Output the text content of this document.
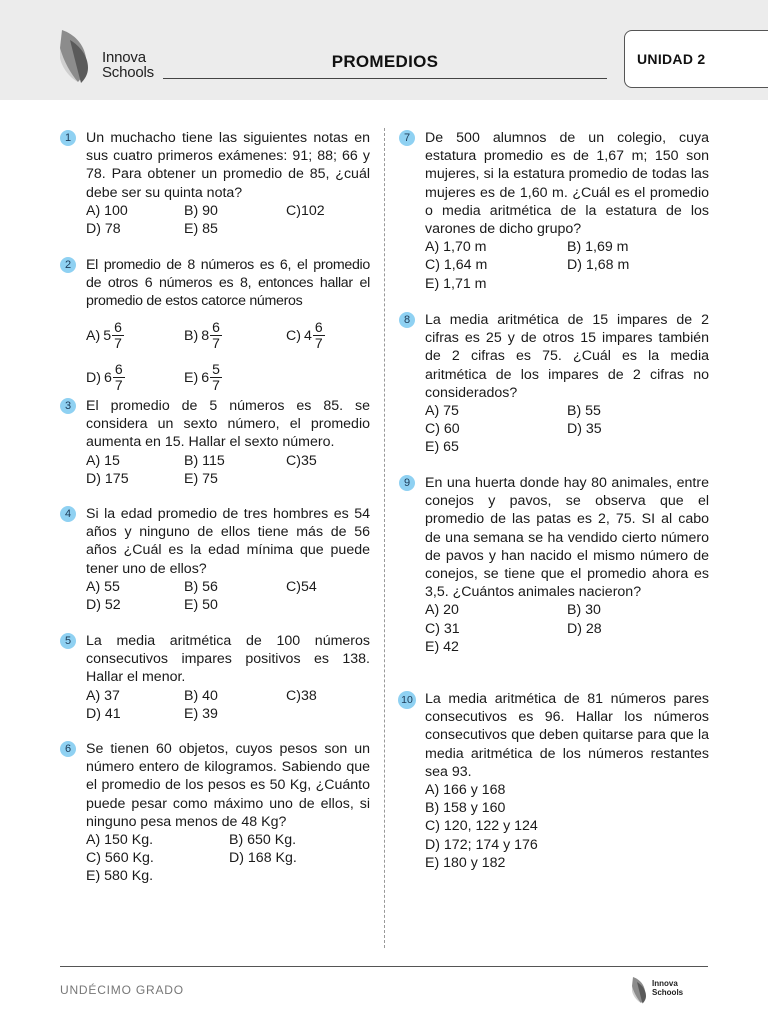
Innova
Schools
PROMEDIOS	UNIDAD 2
1	Un muchacho tiene las siguientes notas en sus cuatro primeros exámenes: 91; 88; 66 y 78. Para obtener un promedio de 85, ¿cuál debe ser su quinta nota?
A) 100	B) 90	C)102
D) 78	E) 85
2	El promedio de 8 números es 6, el promedio de otros 6 números es 8, entonces hallar el promedio de estos catorce números
A) $5 \frac{6}{7}$	B) $8 \frac{6}{7}$	C) $4 \frac{6}{7}$
D) $6 \frac{6}{7}$	E) $6 \frac{5}{7}$
3	El promedio de 5 números es 85. se considera un sexto número, el promedio aumenta en 15. Hallar el sexto número.
A) 15	B) 115	C)35
D) 175	E) 75
4	Si la edad promedio de tres hombres es 54 años y ninguno de ellos tiene más de 56 años ¿Cuál es la edad mínima que puede tener uno de ellos?
A) 55	B) 56	C)54
D) 52	E) 50
5	La media aritmética de 100 números consecutivos impares positivos es 138. Hallar el menor.
A) 37	B) 40	C)38
D) 41	E) 39
6	Se tienen 60 objetos, cuyos pesos son un número entero de kilogramos. Sabiendo que el promedio de los pesos es 50 Kg, ¿Cuánto puede pesar como máximo uno de ellos, si ninguno pesa menos de 48 Kg?
A) 150 Kg.	B) 650 Kg.
C) 560 Kg.	D) 168 Kg.
E) 580 Kg.
7	De 500 alumnos de un colegio, cuya estatura promedio es de 1,67 m; 150 son mujeres, si la estatura promedio de todas las mujeres es de 1,60 m. ¿Cuál es el promedio o media aritmética de la estatura de los varones de dicho grupo?
A) 1,70 m	B) 1,69 m
C) 1,64 m	D) 1,68 m
E) 1,71 m
8	La media aritmética de 15 impares de 2 cifras es 25 y de otros 15 impares también de 2 cifras es 75. ¿Cuál es la media aritmética de los impares de 2 cifras no considerados?
A) 75	B) 55
C) 60	D) 35
E) 65
9	En una huerta donde hay 80 animales, entre conejos y pavos, se observa que el promedio de las patas es 2, 75. SI al cabo de una semana se ha vendido cierto número de pavos y han nacido el mismo número de conejos, se tiene que el promedio ahora es 3,5. ¿Cuántos animales nacieron?
A) 20	B) 30
C) 31	D) 28
E) 42
10 La media aritmética de 81 números pares consecutivos es 96. Hallar los números consecutivos que deben quitarse para que la media aritmética de los números restantes sea 93.
A) 166 y 168
B) 158 y 160
C) 120, 122 y 124
D) 172; 174 y 176
E) 180 y 182
UNDÉCIMO GRADO	Innova
Schools
